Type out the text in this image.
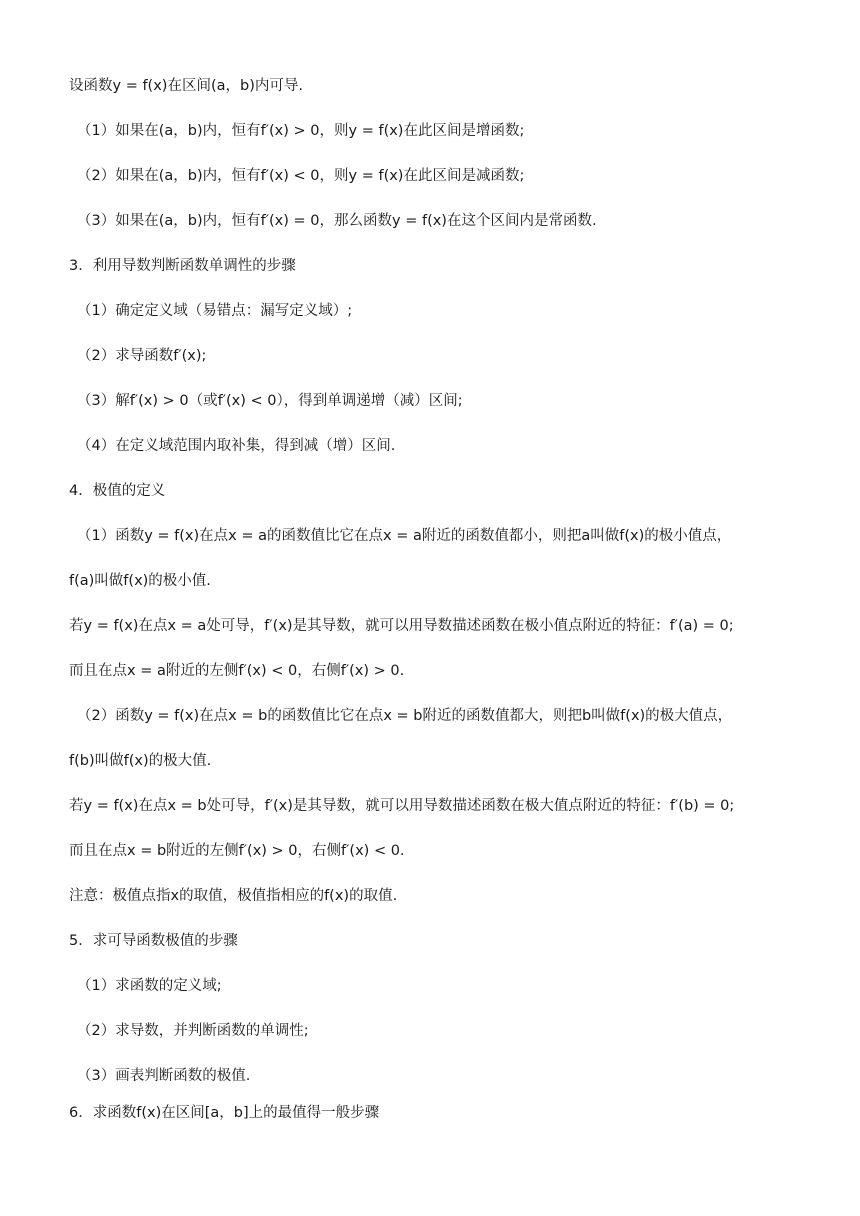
设函数y = f(x)在区间(a，b)内可导.
（1）如果在(a，b)内，恒有f′(x) > 0，则y = f(x)在此区间是增函数;
（2）如果在(a，b)内，恒有f′(x) < 0，则y = f(x)在此区间是减函数;
（3）如果在(a，b)内，恒有f′(x) = 0，那么函数y = f(x)在这个区间内是常函数.
3．利用导数判断函数单调性的步骤
（1）确定定义域（易错点：漏写定义域）;
（2）求导函数f′(x);
（3）解f′(x) > 0（或f′(x) < 0），得到单调递增（减）区间;
（4）在定义域范围内取补集，得到减（增）区间.
4．极值的定义
（1）函数y = f(x)在点x = a的函数值比它在点x = a附近的函数值都小，则把a叫做f(x)的极小值点，
f(a)叫做f(x)的极小值.
若y = f(x)在点x = a处可导，f′(x)是其导数，就可以用导数描述函数在极小值点附近的特征：f′(a) = 0;
而且在点x = a附近的左侧f′(x) < 0，右侧f′(x) > 0.
（2）函数y = f(x)在点x = b的函数值比它在点x = b附近的函数值都大，则把b叫做f(x)的极大值点，
f(b)叫做f(x)的极大值.
若y = f(x)在点x = b处可导，f′(x)是其导数，就可以用导数描述函数在极大值点附近的特征：f′(b) = 0;
而且在点x = b附近的左侧f′(x) > 0，右侧f′(x) < 0.
注意：极值点指x的取值，极值指相应的f(x)的取值.
5．求可导函数极值的步骤
（1）求函数的定义域;
（2）求导数，并判断函数的单调性;
（3）画表判断函数的极值.
6．求函数f(x)在区间[a，b]上的最值得一般步骤
